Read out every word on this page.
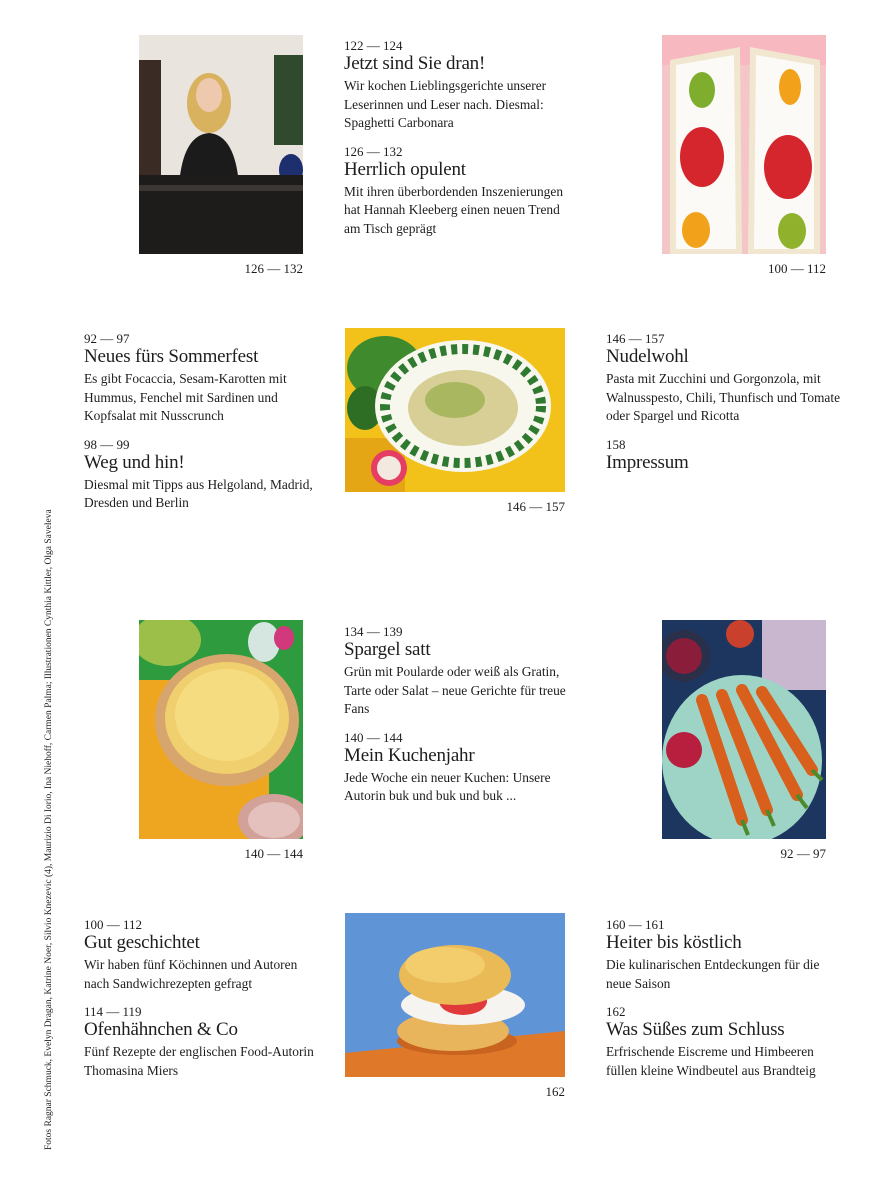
126 — 132

122 — 124

Jetzt sind Sie dran!

Wir kochen Lieblingsgerichte unserer Leserinnen und Leser nach. Diesmal: Spaghetti Carbonara

126 — 132

Herrlich opulent

Mit ihren überbordenden Inszenierungen hat Hannah Kleeberg einen neuen Trend am Tisch geprägt

100 — 112

92 — 97

Neues fürs Sommerfest

Es gibt Focaccia, Sesam-Karotten mit Hummus, Fenchel mit Sardinen und Kopfsalat mit Nusscrunch

98 — 99

Weg und hin!

Diesmal mit Tipps aus Helgoland, Madrid, Dresden und Berlin	146 — 157

146 — 157

Nudelwohl

Pasta mit Zucchini und Gorgonzola, mit Walnusspesto, Chili, Thunfisch und Tomate oder Spargel und Ricotta

158

Impressum

140 — 144

134 — 139

Spargel satt

Grün mit Poularde oder weiß als Gratin, Tarte oder Salat – neue Gerichte für treue Fans

140 — 144

Mein Kuchenjahr

Jede Woche ein neuer Kuchen: Unsere Autorin buk und buk und buk ...

92 — 97

100 — 112

Gut geschichtet

Wir haben fünf Köchinnen und Autoren nach Sandwichrezepten gefragt

114 — 119

Ofenhähnchen & Co

Fünf Rezepte der englischen Food-Autorin Thomasina Miers

162

160 — 161

Heiter bis köstlich

Die kulinarischen Entdeckungen für die neue Saison

162

Was Süßes zum Schluss

Erfrischende Eiscreme und Himbeeren füllen kleine Windbeutel aus Brandteig

Fotos Ragnar Schmuck, Evelyn Dragan, Katrine Noer, Silvio Knezevic (4), Maurizio Di Iorio, Ina Niehoff, Carmen Palma; Illustrationen Cynthia Kittler, Olga Saveleva
